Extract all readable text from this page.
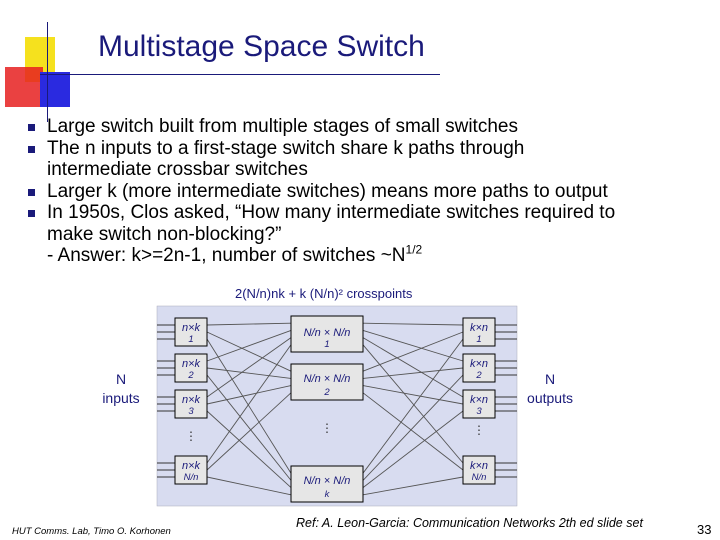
Multistage Space Switch
Large switch built from multiple stages of small switches
The n inputs to a first-stage switch share k paths through
intermediate crossbar switches
Larger k (more intermediate switches) means more paths to output
In 1950s, Clos asked, “How many intermediate switches required to
make switch non-blocking?”
- Answer: k>=2n-1, number of switches $\sim N^{1/2}$
2(N/n)nk + k (N/n)² crosspoints
n×k
1
n×k
2
n×k
3
n×k
N/n
N/n × N/n
1
N/n × N/n
2
N/n × N/n
k
k×n
1
k×n
2
k×n
3
k×n
N/n
N
inputs
N
outputs
⋮
⋮	⋮
HUT Comms. Lab, Timo O. Korhonen
Ref: A. Leon-Garcia: Communication Networks 2th ed slide set	33
